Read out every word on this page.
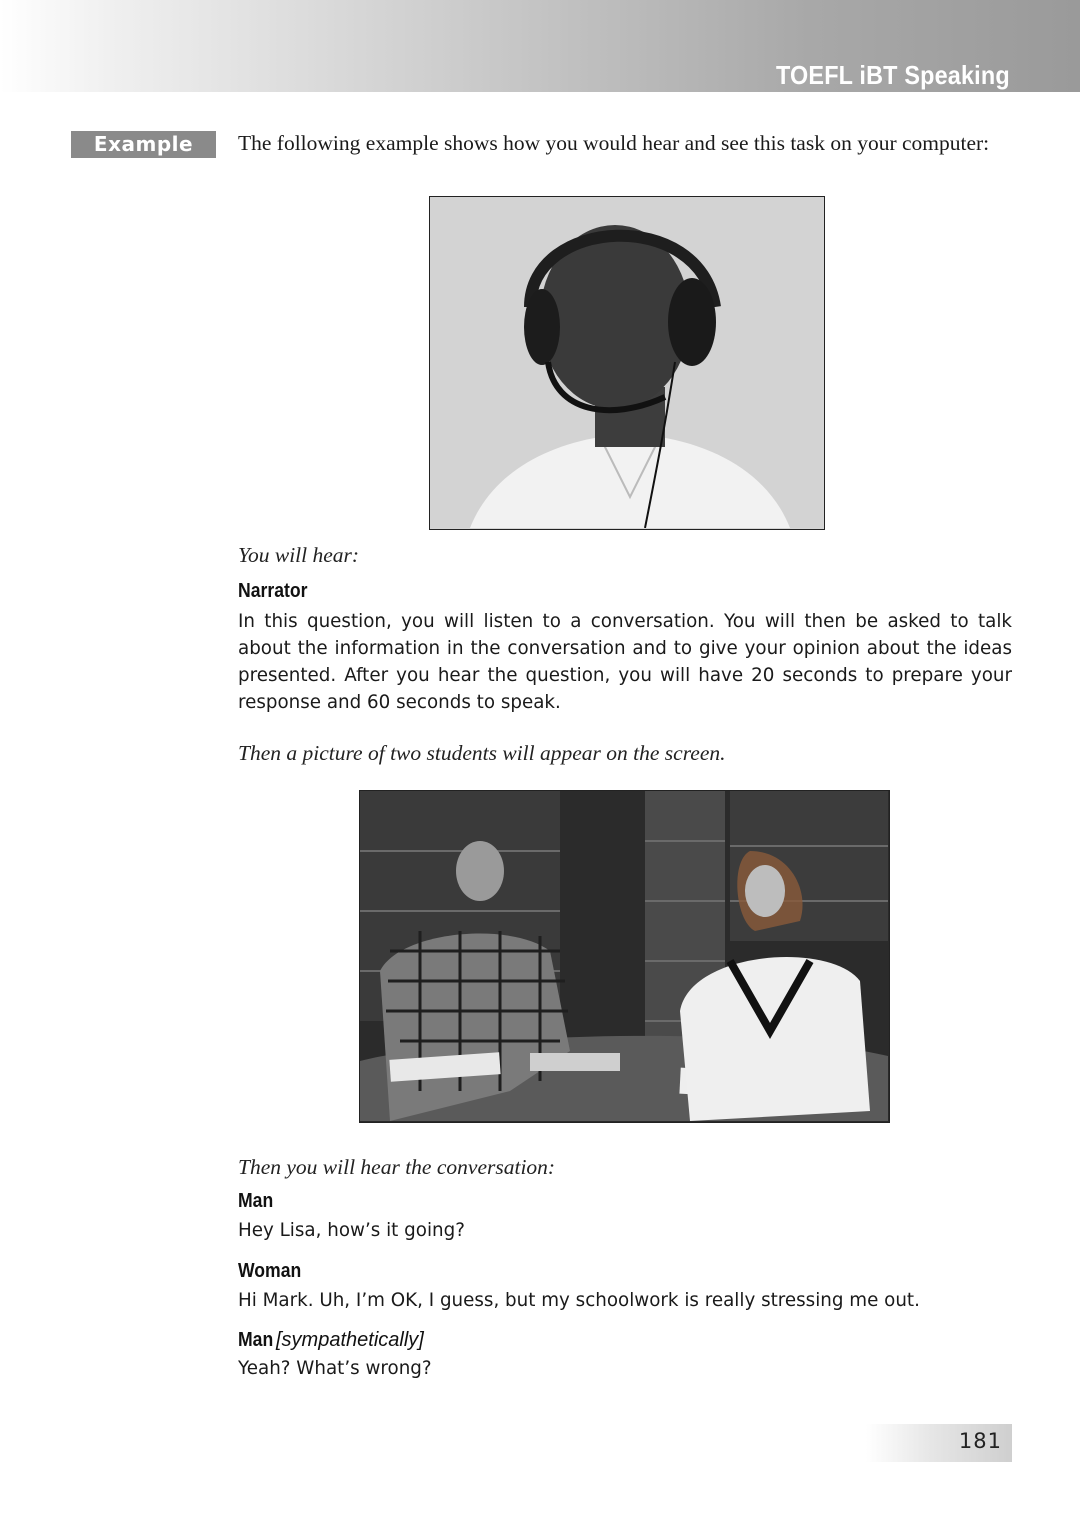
TOEFL iBT Speaking
Example	The following example shows how you would hear and see this task on your computer:
You will hear:
Narrator
In this question, you will listen to a conversation. You will then be asked to talk about the information in the conversation and to give your opinion about the ideas presented. After you hear the question, you will have 20 seconds to prepare your response and 60 seconds to speak.
Then a picture of two students will appear on the screen.
Then you will hear the conversation:
Man
Hey Lisa, how’s it going?
Woman
Hi Mark. Uh, I’m OK, I guess, but my schoolwork is really stressing me out.
Man [sympathetically]
Yeah? What’s wrong?
181
